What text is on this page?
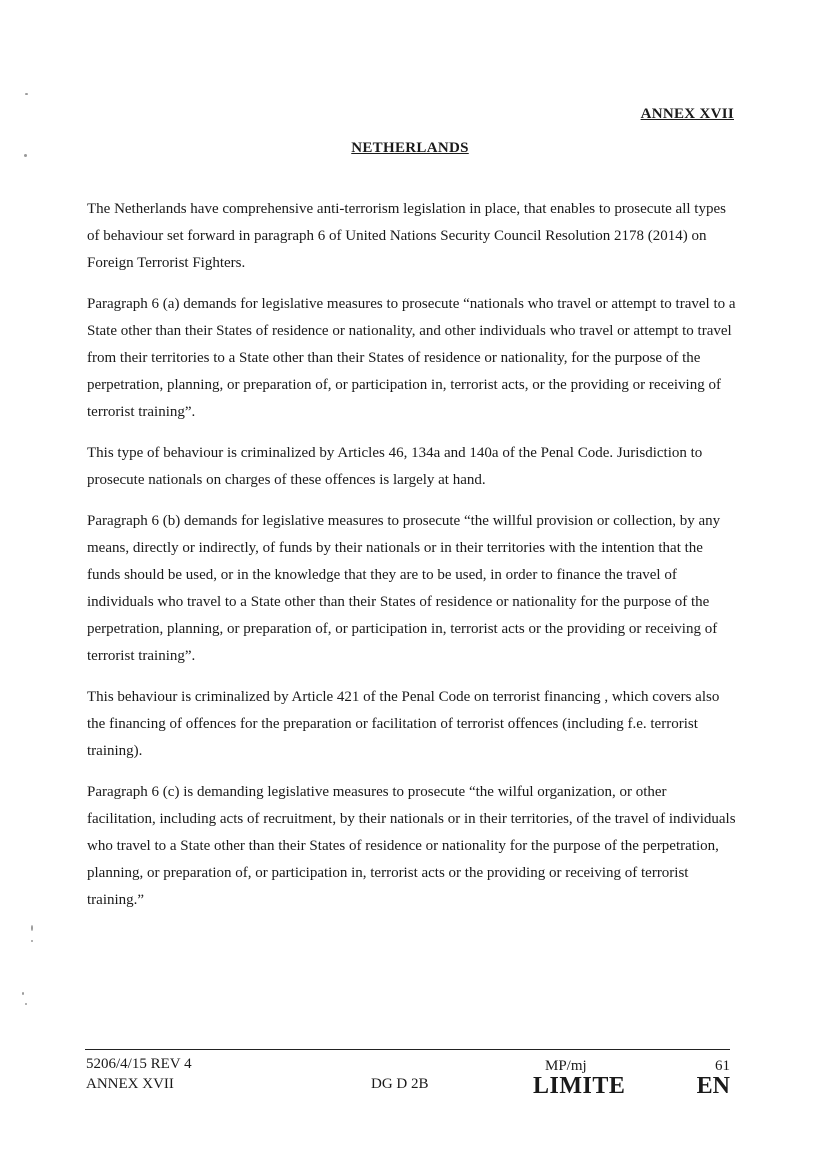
ANNEX XVII
NETHERLANDS

The Netherlands have comprehensive anti-terrorism legislation in place, that enables to prosecute all types of behaviour set forward in paragraph 6 of United Nations Security Council Resolution 2178 (2014) on Foreign Terrorist Fighters.

Paragraph 6 (a) demands for legislative measures to prosecute “nationals who travel or attempt to travel to a State other than their States of residence or nationality, and other individuals who travel or attempt to travel from their territories to a State other than their States of residence or nationality, for the purpose of the perpetration, planning, or preparation of, or participation in, terrorist acts, or the providing or receiving of terrorist training”.

This type of behaviour is criminalized by Articles 46, 134a and 140a of the Penal Code. Jurisdiction to prosecute nationals on charges of these offences is largely at hand.

Paragraph 6 (b) demands for legislative measures to prosecute “the willful provision or collection, by any means, directly or indirectly, of funds by their nationals or in their territories with the intention that the funds should be used, or in the knowledge that they are to be used, in order to finance the travel of individuals who travel to a State other than their States of residence or nationality for the purpose of the perpetration, planning, or preparation of, or participation in, terrorist acts or the providing or receiving of terrorist training”.

This behaviour is criminalized by Article 421 of the Penal Code on terrorist financing , which covers also the financing of offences for the preparation or facilitation of terrorist offences (including f.e. terrorist training).

Paragraph 6 (c) is demanding legislative measures to prosecute “the wilful organization, or other facilitation, including acts of recruitment, by their nationals or in their territories, of the travel of individuals who travel to a State other than their States of residence or nationality for the purpose of the perpetration, planning, or preparation of, or participation in, terrorist acts or the providing or receiving of terrorist training.”

5206/4/15 REV 4
ANNEX XVII	DG D 2B
MP/mj	61
LIMITE	EN
